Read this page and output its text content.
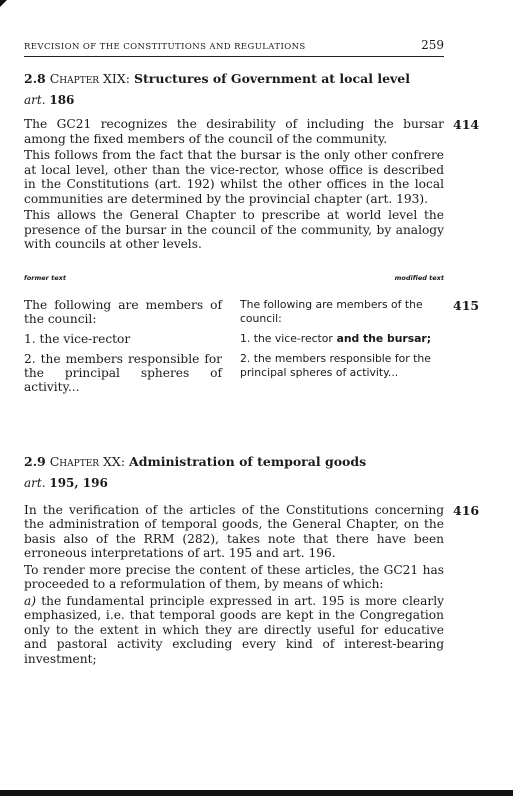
REVCISION OF THE CONSTITUTIONS AND REGULATIONS	259
2.8 Chapter XIX: Structures of Government at local level
art. 186
414

The GC21 recognizes the desirability of including the bursar among the fixed members of the council of the community.

This follows from the fact that the bursar is the only other confrere at local level, other than the vice-rector, whose office is described in the Constitutions (art. 192) whilst the other offices in the local communities are determined by the provincial chapter (art. 193).

This allows the General Chapter to prescribe at world level the presence of the bursar in the council of the community, by analogy with councils at other levels.

former text	modified text
415
The following are members of the council:
1. the vice-rector
2. the members responsible for the principal spheres of activity...
The following are members of the council:
1. the vice-rector and the bursar;
2. the members responsible for the principal spheres of activity...
2.9 Chapter XX: Administration of temporal goods
art. 195, 196
416

In the verification of the articles of the Constitutions concerning the administration of temporal goods, the General Chapter, on the basis also of the RRM (282), takes note that there have been erroneous interpretations of art. 195 and art. 196.

To render more precise the content of these articles, the GC21 has proceeded to a reformulation of them, by means of which:

a) the fundamental principle expressed in art. 195 is more clearly emphasized, i.e. that temporal goods are kept in the Congregation only to the extent in which they are directly useful for educative and pastoral activity excluding every kind of interest-bearing investment;
